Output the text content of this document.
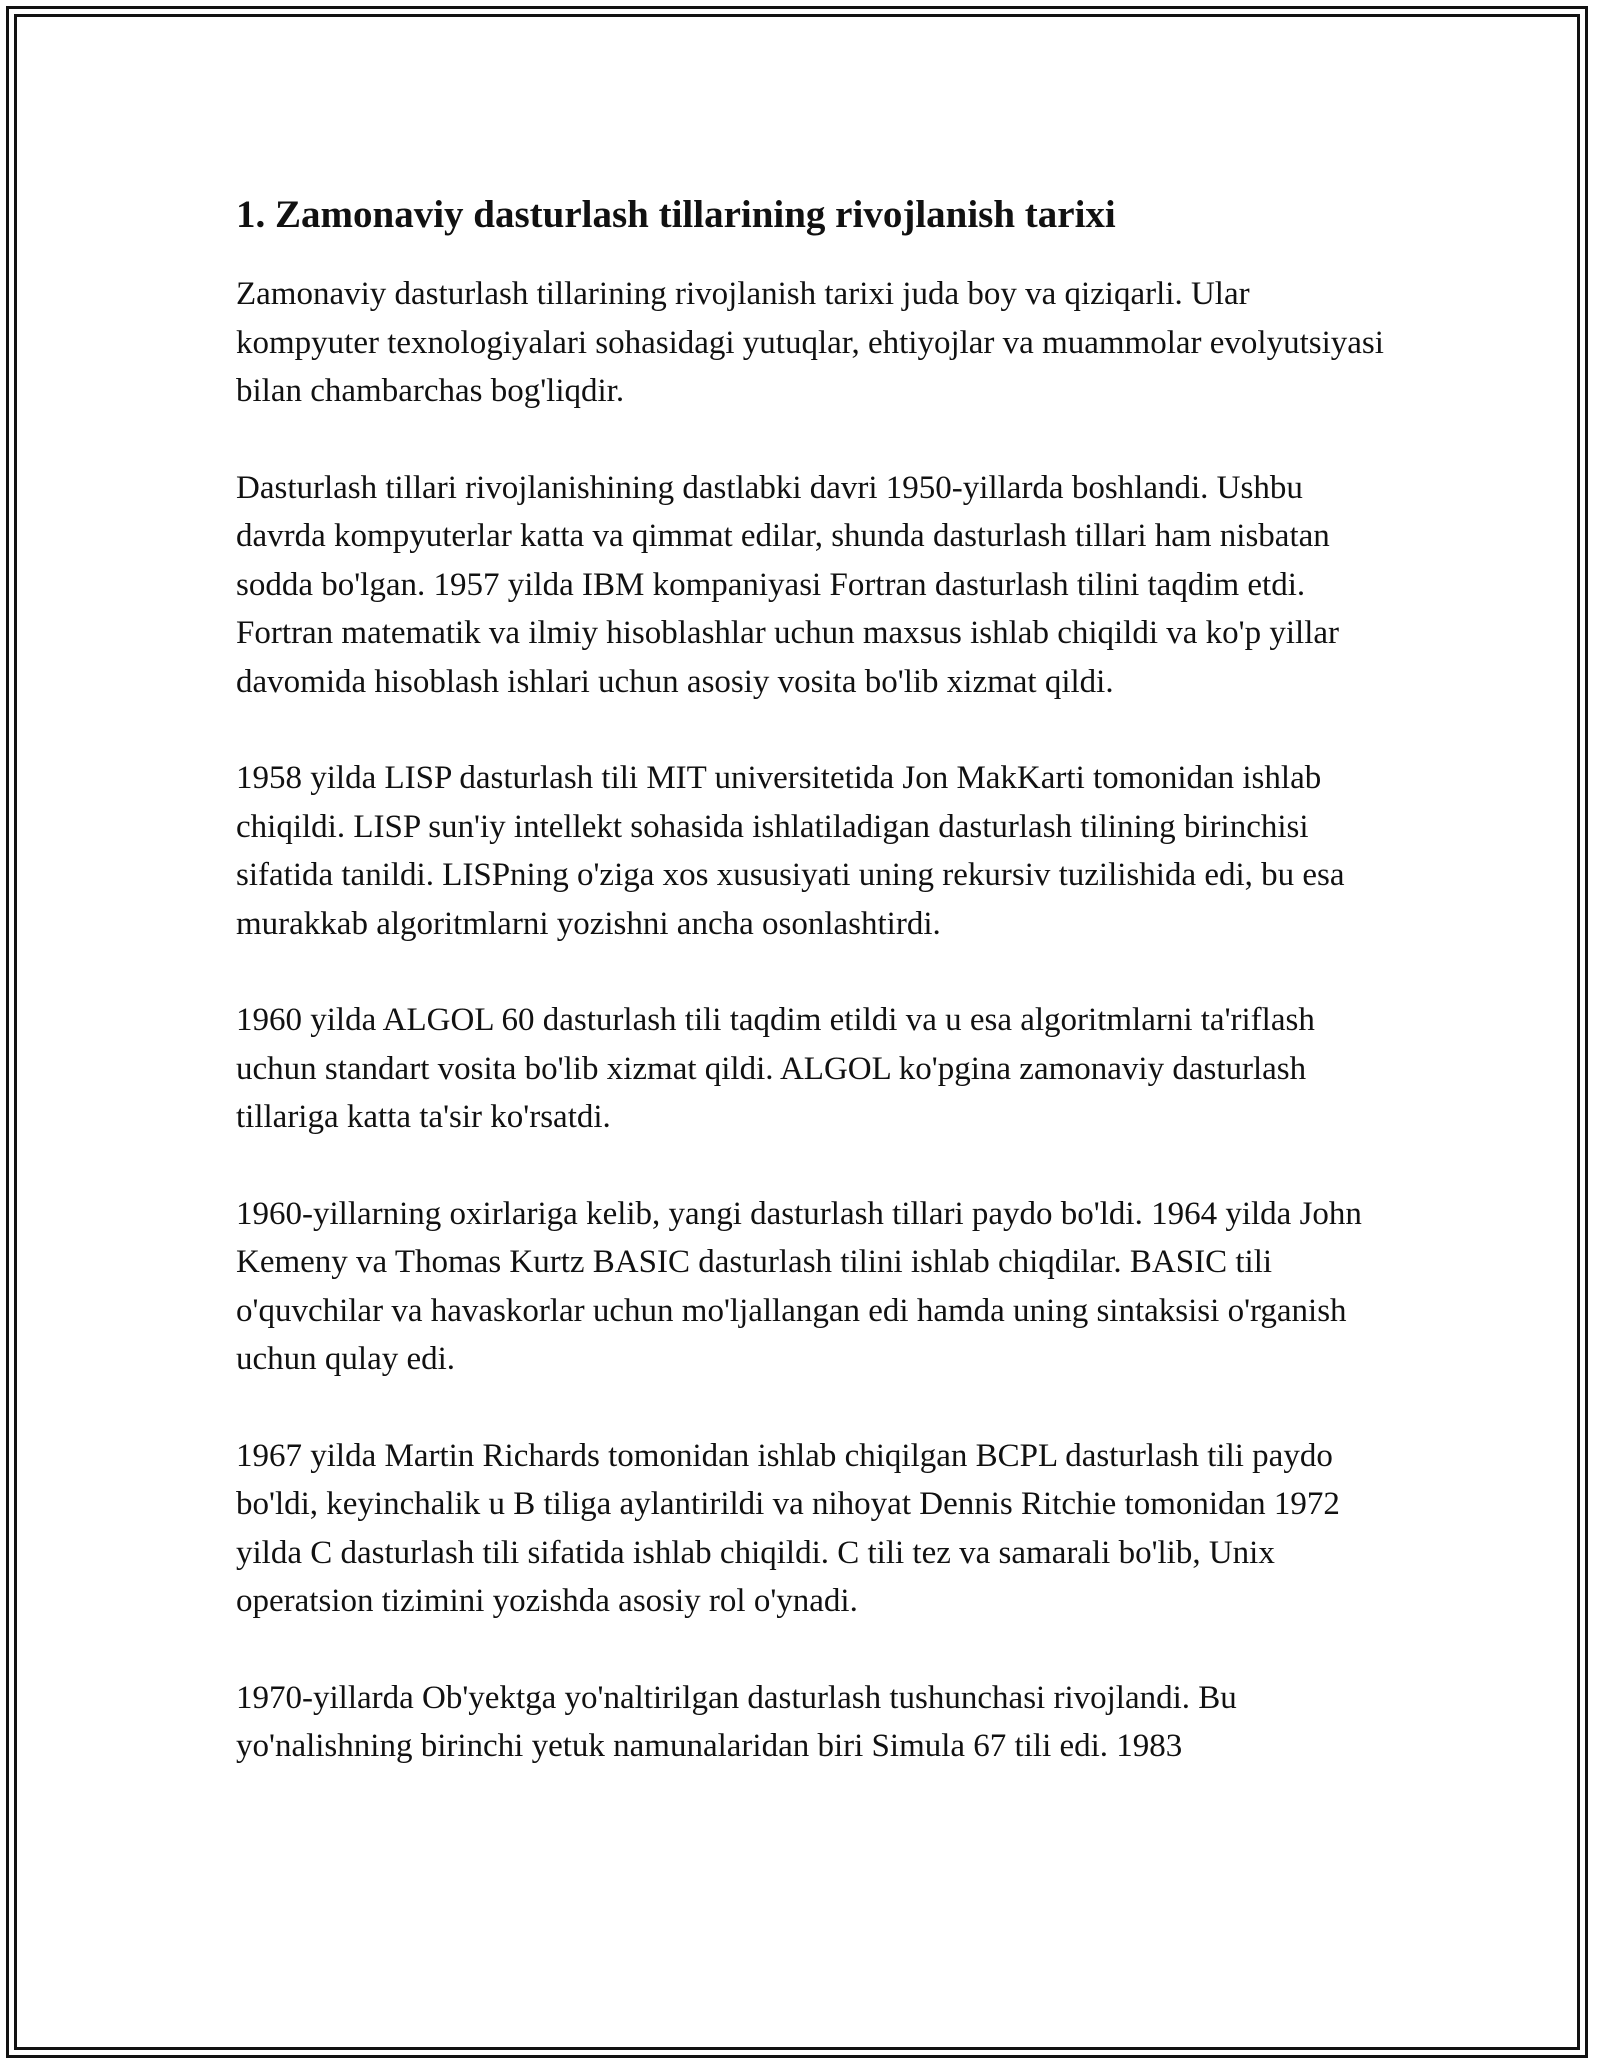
1. Zamonaviy dasturlash tillarining rivojlanish tarixi

Zamonaviy dasturlash tillarining rivojlanish tarixi juda boy va qiziqarli. Ular kompyuter texnologiyalari sohasidagi yutuqlar, ehtiyojlar va muammolar evolyutsiyasi bilan chambarchas bog'liqdir.

Dasturlash tillari rivojlanishining dastlabki davri 1950-yillarda boshlandi. Ushbu davrda kompyuterlar katta va qimmat edilar, shunda dasturlash tillari ham nisbatan sodda bo'lgan. 1957 yilda IBM kompaniyasi Fortran dasturlash tilini taqdim etdi. Fortran matematik va ilmiy hisoblashlar uchun maxsus ishlab chiqildi va ko'p yillar davomida hisoblash ishlari uchun asosiy vosita bo'lib xizmat qildi.

1958 yilda LISP dasturlash tili MIT universitetida Jon MakKarti tomonidan ishlab chiqildi. LISP sun'iy intellekt sohasida ishlatiladigan dasturlash tilining birinchisi sifatida tanildi. LISPning o'ziga xos xususiyati uning rekursiv tuzilishida edi, bu esa murakkab algoritmlarni yozishni ancha osonlashtirdi.

1960 yilda ALGOL 60 dasturlash tili taqdim etildi va u esa algoritmlarni ta'riflash uchun standart vosita bo'lib xizmat qildi. ALGOL ko'pgina zamonaviy dasturlash tillariga katta ta'sir ko'rsatdi.

1960-yillarning oxirlariga kelib, yangi dasturlash tillari paydo bo'ldi. 1964 yilda John Kemeny va Thomas Kurtz BASIC dasturlash tilini ishlab chiqdilar. BASIC tili o'quvchilar va havaskorlar uchun mo'ljallangan edi hamda uning sintaksisi o'rganish uchun qulay edi.

1967 yilda Martin Richards tomonidan ishlab chiqilgan BCPL dasturlash tili paydo bo'ldi, keyinchalik u B tiliga aylantirildi va nihoyat Dennis Ritchie tomonidan 1972 yilda C dasturlash tili sifatida ishlab chiqildi. C tili tez va samarali bo'lib, Unix operatsion tizimini yozishda asosiy rol o'ynadi.

1970-yillarda Ob'yektga yo'naltirilgan dasturlash tushunchasi rivojlandi. Bu yo'nalishning birinchi yetuk namunalaridan biri Simula 67 tili edi. 1983
